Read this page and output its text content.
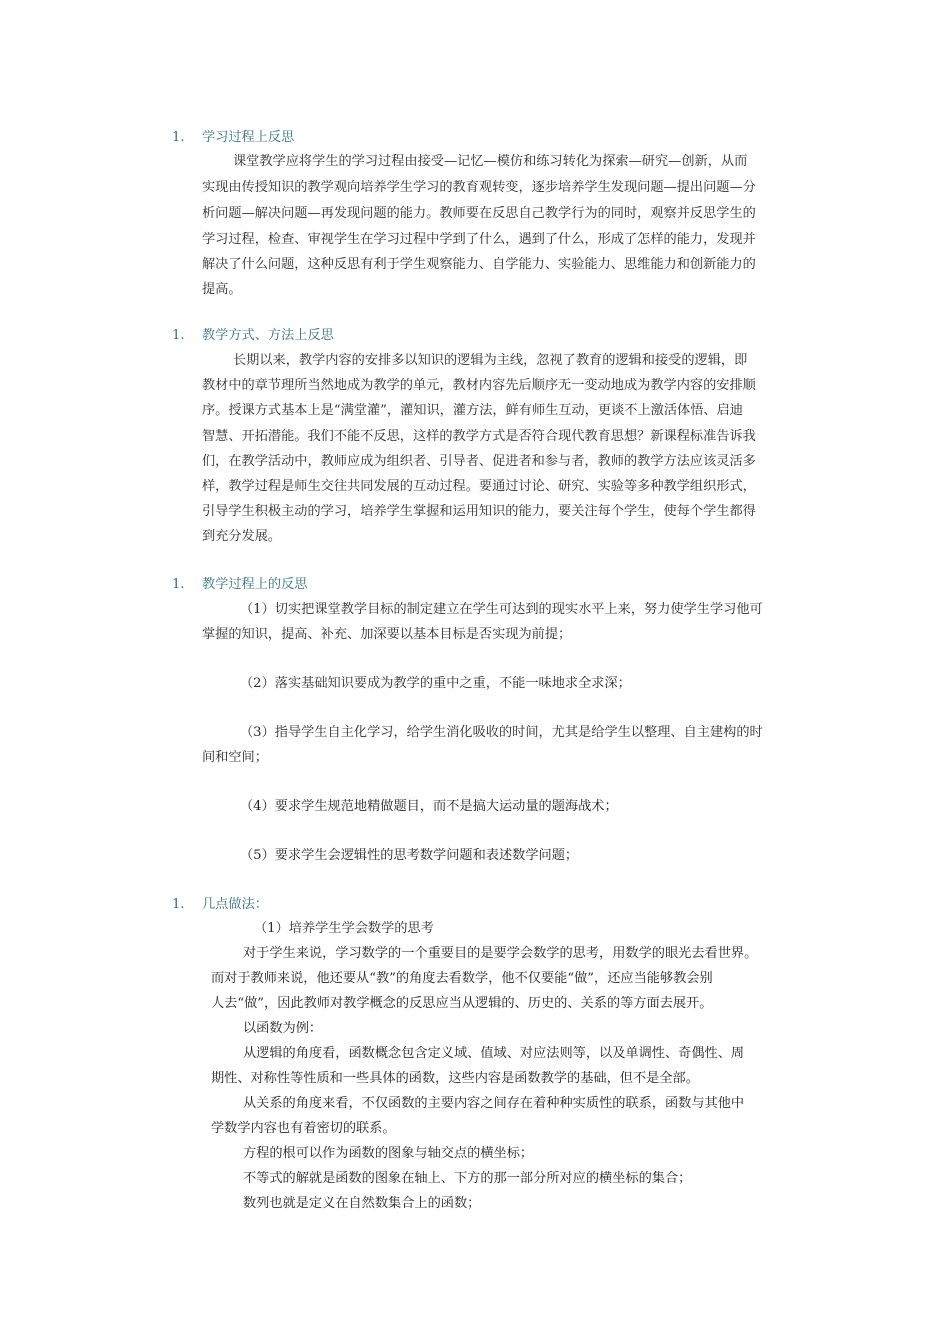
1. 学习过程上反思
课堂教学应将学生的学习过程由接受—记忆—模仿和练习转化为探索—研究—创新，从而
实现由传授知识的教学观向培养学生学习的教育观转变，逐步培养学生发现问题—提出问题—分
析问题—解决问题—再发现问题的能力。教师要在反思自己教学行为的同时，观察并反思学生的
学习过程，检查、审视学生在学习过程中学到了什么，遇到了什么，形成了怎样的能力，发现并
解决了什么问题，这种反思有利于学生观察能力、自学能力、实验能力、思维能力和创新能力的
提高。
1. 教学方式、方法上反思
长期以来，教学内容的安排多以知识的逻辑为主线，忽视了教育的逻辑和接受的逻辑，即
教材中的章节理所当然地成为教学的单元，教材内容先后顺序无一变动地成为教学内容的安排顺
序。授课方式基本上是“满堂灌”，灌知识，灌方法，鲜有师生互动，更谈不上激活体悟、启迪
智慧、开拓潜能。我们不能不反思，这样的教学方式是否符合现代教育思想？新课程标准告诉我
们，在教学活动中，教师应成为组织者、引导者、促进者和参与者，教师的教学方法应该灵活多
样，教学过程是师生交往共同发展的互动过程。要通过讨论、研究、实验等多种教学组织形式，
引导学生积极主动的学习，培养学生掌握和运用知识的能力，要关注每个学生，使每个学生都得
到充分发展。
1. 教学过程上的反思
（1）切实把课堂教学目标的制定建立在学生可达到的现实水平上来，努力使学生学习他可
掌握的知识，提高、补充、加深要以基本目标是否实现为前提；
（2）落实基础知识要成为教学的重中之重，不能一味地求全求深；
（3）指导学生自主化学习，给学生消化吸收的时间，尤其是给学生以整理、自主建构的时
间和空间；
（4）要求学生规范地精做题目，而不是搞大运动量的题海战术；
（5）要求学生会逻辑性的思考数学问题和表述数学问题；
1. 几点做法：
（1）培养学生学会数学的思考
对于学生来说，学习数学的一个重要目的是要学会数学的思考，用数学的眼光去看世界。
而对于教师来说，他还要从“教”的角度去看数学，他不仅要能“做”，还应当能够教会别
人去“做”，因此教师对教学概念的反思应当从逻辑的、历史的、关系的等方面去展开。
以函数为例：
从逻辑的角度看，函数概念包含定义域、值域、对应法则等，以及单调性、奇偶性、周
期性、对称性等性质和一些具体的函数，这些内容是函数教学的基础，但不是全部。
从关系的角度来看，不仅函数的主要内容之间存在着种种实质性的联系，函数与其他中
学数学内容也有着密切的联系。
方程的根可以作为函数的图象与轴交点的横坐标；
不等式的解就是函数的图象在轴上、下方的那一部分所对应的横坐标的集合；
数列也就是定义在自然数集合上的函数；
